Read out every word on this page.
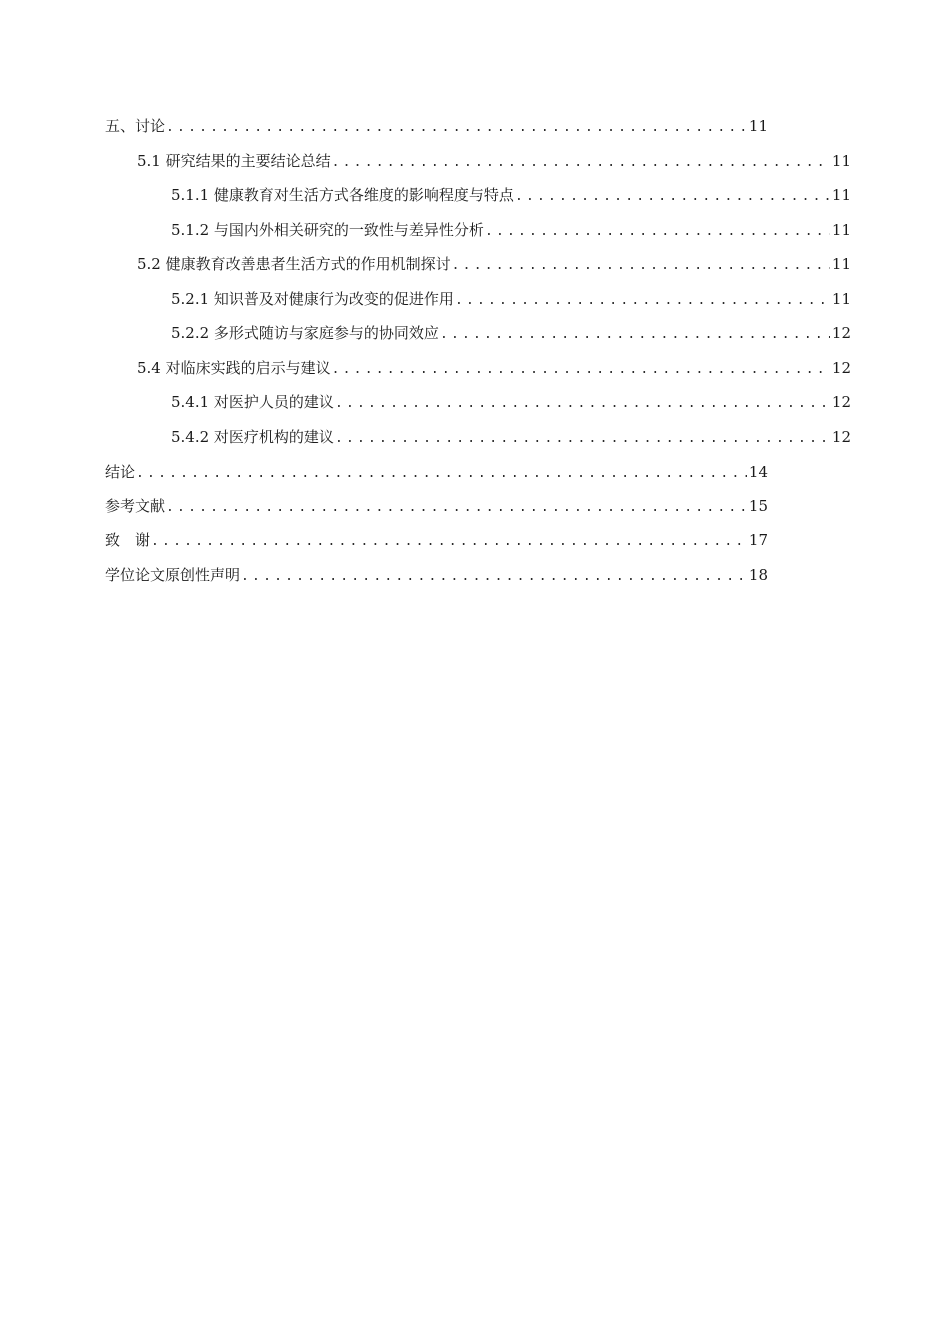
五、讨论 .....	11
5.1 研究结果的主要结论总结 .....	11
5.1.1 健康教育对生活方式各维度的影响程度与特点 .....	11
5.1.2 与国内外相关研究的一致性与差异性分析 .....	11
5.2 健康教育改善患者生活方式的作用机制探讨 .....	11
5.2.1 知识普及对健康行为改变的促进作用 .....	11
5.2.2 多形式随访与家庭参与的协同效应 .....	12
5.4 对临床实践的启示与建议 .....	12
5.4.1 对医护人员的建议 .....	12
5.4.2 对医疗机构的建议 .....	12
结论 .....	14
参考文献 .....	15
致　谢 .....	17
学位论文原创性声明 .....	18
